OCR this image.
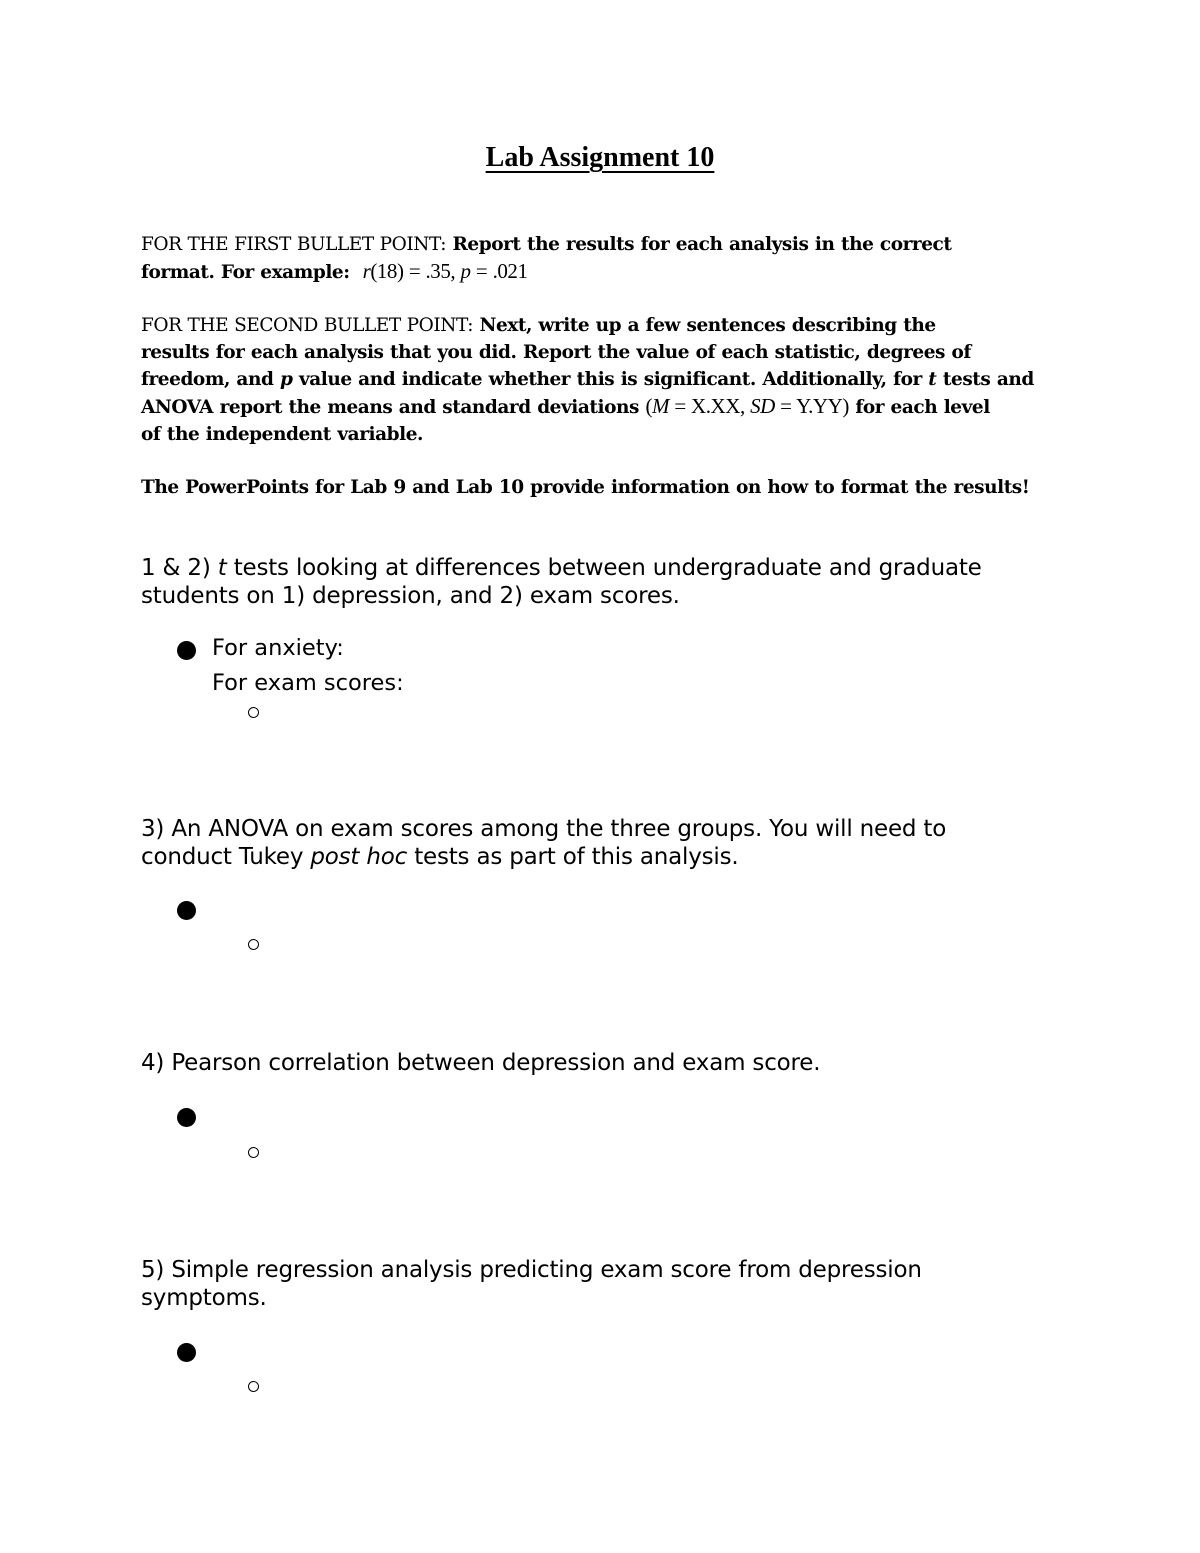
Lab Assignment 10
FOR THE FIRST BULLET POINT: Report the results for each analysis in the correct
format. For example: r(18) = .35, p = .021
FOR THE SECOND BULLET POINT: Next, write up a few sentences describing the
results for each analysis that you did. Report the value of each statistic, degrees of
freedom, and p value and indicate whether this is significant. Additionally, for t tests and
ANOVA report the means and standard deviations (M = X.XX, SD = Y.YY) for each level
of the independent variable.
The PowerPoints for Lab 9 and Lab 10 provide information on how to format the results!
1 & 2) t tests looking at differences between undergraduate and graduate
students on 1) depression, and 2) exam scores.
For anxiety:
For exam scores:
3) An ANOVA on exam scores among the three groups. You will need to
conduct Tukey post hoc tests as part of this analysis.
4) Pearson correlation between depression and exam score.
5) Simple regression analysis predicting exam score from depression
symptoms.
